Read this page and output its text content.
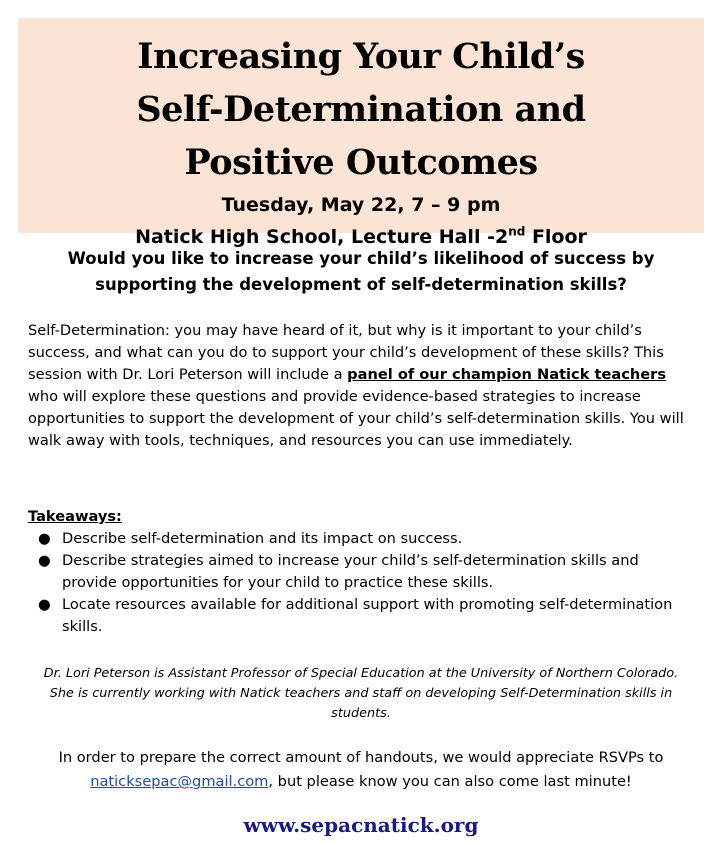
Increasing Your Child’s
Self-Determination and
Positive Outcomes

Tuesday, May 22, 7 – 9 pm

Natick High School, Lecture Hall -2nd Floor

Would you like to increase your child’s likelihood of success by supporting the development of self-determination skills?

Self-Determination: you may have heard of it, but why is it important to your child’s success, and what can you do to support your child’s development of these skills? This session with Dr. Lori Peterson will include a panel of our champion Natick teachers who will explore these questions and provide evidence-based strategies to increase opportunities to support the development of your child’s self-determination skills. You will walk away with tools, techniques, and resources you can use immediately.

Takeaways:

● Describe self-determination and its impact on success.
● Describe strategies aimed to increase your child’s self-determination skills and provide opportunities for your child to practice these skills.
● Locate resources available for additional support with promoting self-determination skills.

Dr. Lori Peterson is Assistant Professor of Special Education at the University of Northern Colorado. She is currently working with Natick teachers and staff on developing Self-Determination skills in students.

In order to prepare the correct amount of handouts, we would appreciate RSVPs to naticksepac@gmail.com, but please know you can also come last minute!

www.sepacnatick.org
